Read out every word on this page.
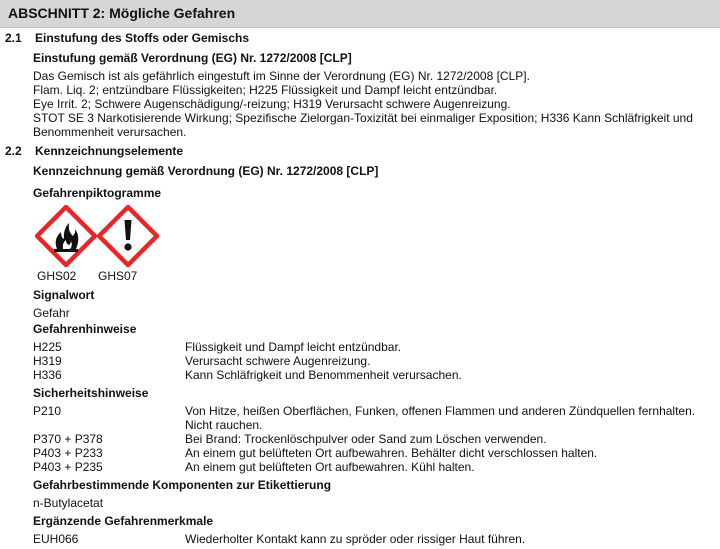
ABSCHNITT 2: Mögliche Gefahren
2.1 Einstufung des Stoffs oder Gemischs
Einstufung gemäß Verordnung (EG) Nr. 1272/2008 [CLP]
Das Gemisch ist als gefährlich eingestuft im Sinne der Verordnung (EG) Nr. 1272/2008 [CLP].
Flam. Liq. 2; entzündbare Flüssigkeiten; H225 Flüssigkeit und Dampf leicht entzündbar.
Eye Irrit. 2; Schwere Augenschädigung/-reizung; H319 Verursacht schwere Augenreizung.
STOT SE 3 Narkotisierende Wirkung; Spezifische Zielorgan-Toxizität bei einmaliger Exposition; H336 Kann Schläfrigkeit und
Benommenheit verursachen.
2.2 Kennzeichnungselemente
Kennzeichnung gemäß Verordnung (EG) Nr. 1272/2008 [CLP]
Gefahrenpiktogramme
GHS02 GHS07
Signalwort
Gefahr
Gefahrenhinweise
H225	Flüssigkeit und Dampf leicht entzündbar.
H319	Verursacht schwere Augenreizung.
H336	Kann Schläfrigkeit und Benommenheit verursachen.
Sicherheitshinweise
P210	Von Hitze, heißen Oberflächen, Funken, offenen Flammen und anderen Zündquellen fernhalten.
Nicht rauchen.
P370 + P378	Bei Brand: Trockenlöschpulver oder Sand zum Löschen verwenden.
P403 + P233	An einem gut belüfteten Ort aufbewahren. Behälter dicht verschlossen halten.
P403 + P235	An einem gut belüfteten Ort aufbewahren. Kühl halten.
Gefahrbestimmende Komponenten zur Etikettierung
n-Butylacetat
Ergänzende Gefahrenmerkmale
EUH066	Wiederholter Kontakt kann zu spröder oder rissiger Haut führen.
